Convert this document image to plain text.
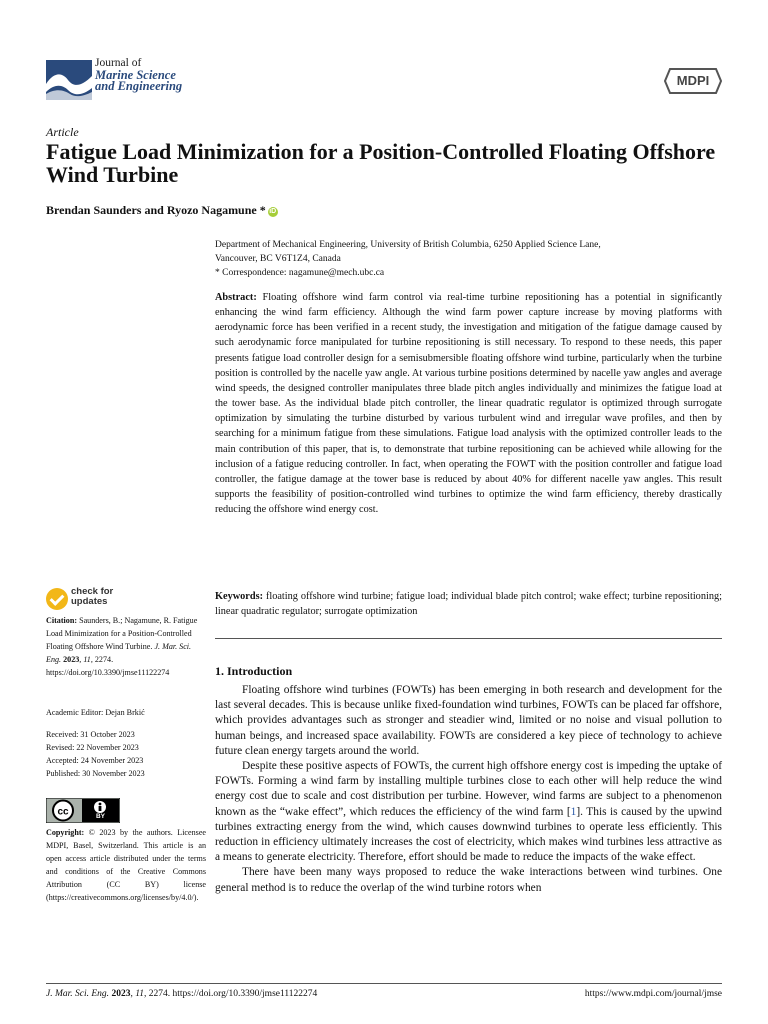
Journal of
Marine Science
and Engineering	MDPI
Article
Fatigue Load Minimization for a Position-Controlled Floating Offshore Wind Turbine
Brendan Saunders and Ryozo Nagamune * iD
Department of Mechanical Engineering, University of British Columbia, 6250 Applied Science Lane,
Vancouver, BC V6T1Z4, Canada
* Correspondence: nagamune@mech.ubc.ca
Abstract: Floating offshore wind farm control via real-time turbine repositioning has a potential in significantly enhancing the wind farm efficiency. Although the wind farm power capture increase by moving platforms with aerodynamic force has been verified in a recent study, the investigation and mitigation of the fatigue damage caused by such aerodynamic force manipulated for turbine repositioning is still necessary. To respond to these needs, this paper presents fatigue load controller design for a semisubmersible floating offshore wind turbine, particularly when the turbine position is controlled by the nacelle yaw angle. At various turbine positions determined by nacelle yaw angles and average wind speeds, the designed controller manipulates three blade pitch angles individually and minimizes the fatigue load at the tower base. As the individual blade pitch controller, the linear quadratic regulator is optimized through surrogate optimization by simulating the turbine disturbed by various turbulent wind and irregular wave profiles, and then by searching for a minimum fatigue from these simulations. Fatigue load analysis with the optimized controller leads to the main contribution of this paper, that is, to demonstrate that turbine repositioning can be achieved while allowing for the inclusion of a fatigue reducing controller. In fact, when operating the FOWT with the position controller and fatigue load controller, the fatigue damage at the tower base is reduced by about 40% for different nacelle yaw angles. This result supports the feasibility of position-controlled wind turbines to optimize the wind farm efficiency, thereby drastically reducing the offshore wind energy cost.
Keywords: floating offshore wind turbine; fatigue load; individual blade pitch control; wake effect; turbine repositioning; linear quadratic regulator; surrogate optimization
check for
updates
Citation: Saunders, B.; Nagamune, R. Fatigue Load Minimization for a Position-Controlled Floating Offshore Wind Turbine. J. Mar. Sci. Eng. 2023, 11, 2274. https://doi.org/10.3390/jmse11122274
Academic Editor: Dejan Brkić
Received: 31 October 2023
Revised: 22 November 2023
Accepted: 24 November 2023
Published: 30 November 2023
cc	BY
Copyright: © 2023 by the authors. Licensee MDPI, Basel, Switzerland. This article is an open access article distributed under the terms and conditions of the Creative Commons Attribution (CC BY) license (https://creativecommons.org/licenses/by/4.0/).
1. Introduction

Floating offshore wind turbines (FOWTs) has been emerging in both research and development for the last several decades. This is because unlike fixed-foundation wind turbines, FOWTs can be placed far offshore, which provides advantages such as stronger and steadier wind, limited or no noise and visual pollution to human beings, and increased space availability. FOWTs are considered a key piece of technology to achieve future clean energy targets around the world.

Despite these positive aspects of FOWTs, the current high offshore energy cost is impeding the uptake of FOWTs. Forming a wind farm by installing multiple turbines close to each other will help reduce the wind energy cost due to scale and cost distribution per turbine. However, wind farms are subject to a phenomenon known as the “wake effect”, which reduces the efficiency of the wind farm [1]. This is caused by the upwind turbines extracting energy from the wind, which causes downwind turbines to operate less efficiently. This reduction in efficiency ultimately increases the cost of electricity, which makes wind turbines less attractive as a means to generate electricity. Therefore, effort should be made to reduce the impacts of the wake effect.

There have been many ways proposed to reduce the wake interactions between wind turbines. One general method is to reduce the overlap of the wind turbine rotors when

J. Mar. Sci. Eng. 2023, 11, 2274. https://doi.org/10.3390/jmse11122274	https://www.mdpi.com/journal/jmse
